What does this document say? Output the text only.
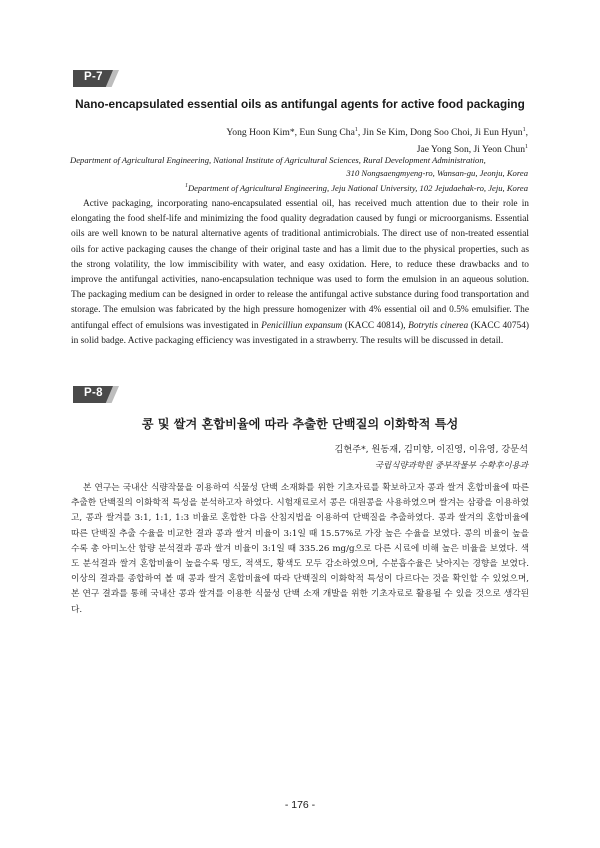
P-7
Nano-encapsulated essential oils as antifungal agents for active food packaging
Yong Hoon Kim*, Eun Sung Cha$^1$, Jin Se Kim, Dong Soo Choi, Ji Eun Hyun$^1$,
Jae Yong Son, Ji Yeon Chun$^1$
Department of Agricultural Engineering, National Institute of Agricultural Sciences, Rural Development Administration,
310 Nongsaengmyeng-ro, Wansan-gu, Jeonju, Korea
$^1$Department of Agricultural Engineering, Jeju National University, 102 Jejudaehak-ro, Jeju, Korea

Active packaging, incorporating nano-encapsulated essential oil, has received much attention due to their role in elongating the food shelf‐life and minimizing the food quality degradation caused by fungi or microorganisms. Essential oils are well known to be natural alternative agents of traditional antimicrobials. The direct use of non-treated essential oils for active packaging causes the change of their original taste and has a limit due to the physical properties, such as the strong volatility, the low immiscibility with water, and easy oxidation. Here, to reduce these drawbacks and to improve the antifungal activities, nano-encapsulation technique was used to form the emulsion in an aqueous solution. The packaging medium can be designed in order to release the antifungal active substance during food transportation and storage. The emulsion was fabricated by the high pressure homogenizer with 4% essential oil and 0.5% emulsifier. The antifungal effect of emulsions was investigated in Penicilliun expansum (KACC 40814), Botrytis cinerea (KACC 40754) in solid badge. Active packaging efficiency was investigated in a strawberry. The results will be discussed in detail.

P-8
콩 및 쌀겨 혼합비율에 따라 추출한 단백질의 이화학적 특성
김현주*, 원동재, 김미향, 이진영, 이유영, 강문석
국립식량과학원 중부작물부 수확후이용과

본 연구는 국내산 식량작물을 이용하여 식물성 단백 소재화를 위한 기초자료를 확보하고자 콩과 쌀겨 혼합비율에 따른 추출한 단백질의 이화학적 특성을 분석하고자 하였다. 시험재료로서 콩은 대원콩을 사용하였으며 쌀겨는 삼광을 이용하였고, 콩과 쌀겨를 3:1, 1:1, 1:3 비율로 혼합한 다음 산침지법을 이용하여 단백질을 추출하였다. 콩과 쌀겨의 혼합비율에 따른 단백질 추출 수율을 비교한 결과 콩과 쌀겨 비율이 3:1일 때 15.57%로 가장 높은 수율을 보였다. 콩의 비율이 높을수록 총 아미노산 함량 분석결과 콩과 쌀겨 비율이 3:1일 때 335.26 mg/g으로 다른 시료에 비해 높은 비율을 보였다. 색도 분석결과 쌀겨 혼합비율이 높을수록 명도, 적색도, 황색도 모두 감소하였으며, 수분흡수율은 낮아지는 경향을 보였다. 이상의 결과를 종합하여 볼 때 콩과 쌀겨 혼합비율에 따라 단백질의 이화학적 특성이 다르다는 것을 확인할 수 있었으며, 본 연구 결과를 통해 국내산 콩과 쌀겨를 이용한 식물성 단백 소재 개발을 위한 기초자료로 활용될 수 있을 것으로 생각된다.

- 176 -
